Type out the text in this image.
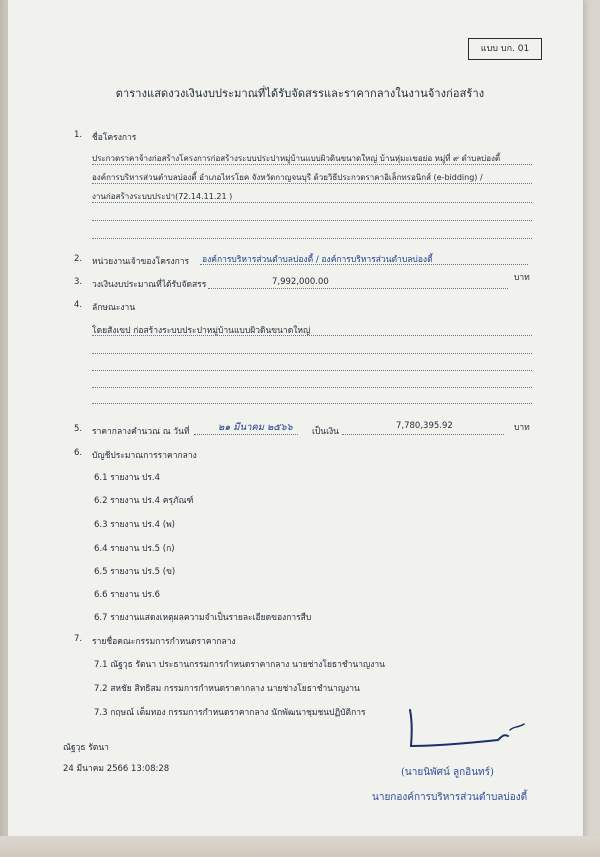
แบบ บก. 01
ตารางแสดงวงเงินงบประมาณที่ได้รับจัดสรรและราคากลางในงานจ้างก่อสร้าง
1. ชื่อโครงการ
ประกวดราคาจ้างก่อสร้างโครงการก่อสร้างระบบประปาหมู่บ้านแบบผิวดินขนาดใหญ่ บ้านหุ่มะเขอย่อ หมู่ที่ ๙ ตำบลบ่องตี้
องค์การบริหารส่วนตำบลบ่องตี้ อำเภอไทรโยค จังหวัดกาญจนบุรี ด้วยวิธีประกวดราคาอิเล็กทรอนิกส์ (e-bidding) /
งานก่อสร้างระบบประปา(72.14.11.21 )
2. หน่วยงานเจ้าของโครงการ องค์การบริหารส่วนตำบลบ่องตี้ / องค์การบริหารส่วนตำบลบ่องตี้
3. วงเงินงบประมาณที่ได้รับจัดสรร	7,992,000.00	บาท
4. ลักษณะงาน
โดยสังเขป ก่อสร้างระบบประปาหมู่บ้านแบบผิวดินขนาดใหญ่
5. ราคากลางคำนวณ ณ วันที่	๒๑ มีนาคม ๒๕๖๖ เป็นเงิน
7,780,395.92	บาท
6. บัญชีประมาณการราคากลาง
6.1 รายงาน ปร.4
6.2 รายงาน ปร.4 ครุภัณฑ์
6.3 รายงาน ปร.4 (พ)
6.4 รายงาน ปร.5 (ก)
6.5 รายงาน ปร.5 (ข)
6.6 รายงาน ปร.6
6.7 รายงานแสดงเหตุผลความจำเป็นรายละเอียดของการสืบ
7. รายชื่อคณะกรรมการกำหนดราคากลาง
7.1 ณัฐวุธ รัตนา ประธานกรรมการกำหนดราคากลาง นายช่างโยธาชำนาญงาน
7.2 สหชัย สิทธิสม กรรมการกำหนดราคากลาง นายช่างโยธาชำนาญงาน
7.3 กฤษณ์ เต็มทอง กรรมการกำหนดราคากลาง นักพัฒนาชุมชนปฏิบัติการ
ณัฐวุธ รัตนา
24 มีนาคม 2566 13:08:28	(นายนิพัศน์ ลูกอินทร์)
นายกองค์การบริหารส่วนตำบลบ่องตี้
